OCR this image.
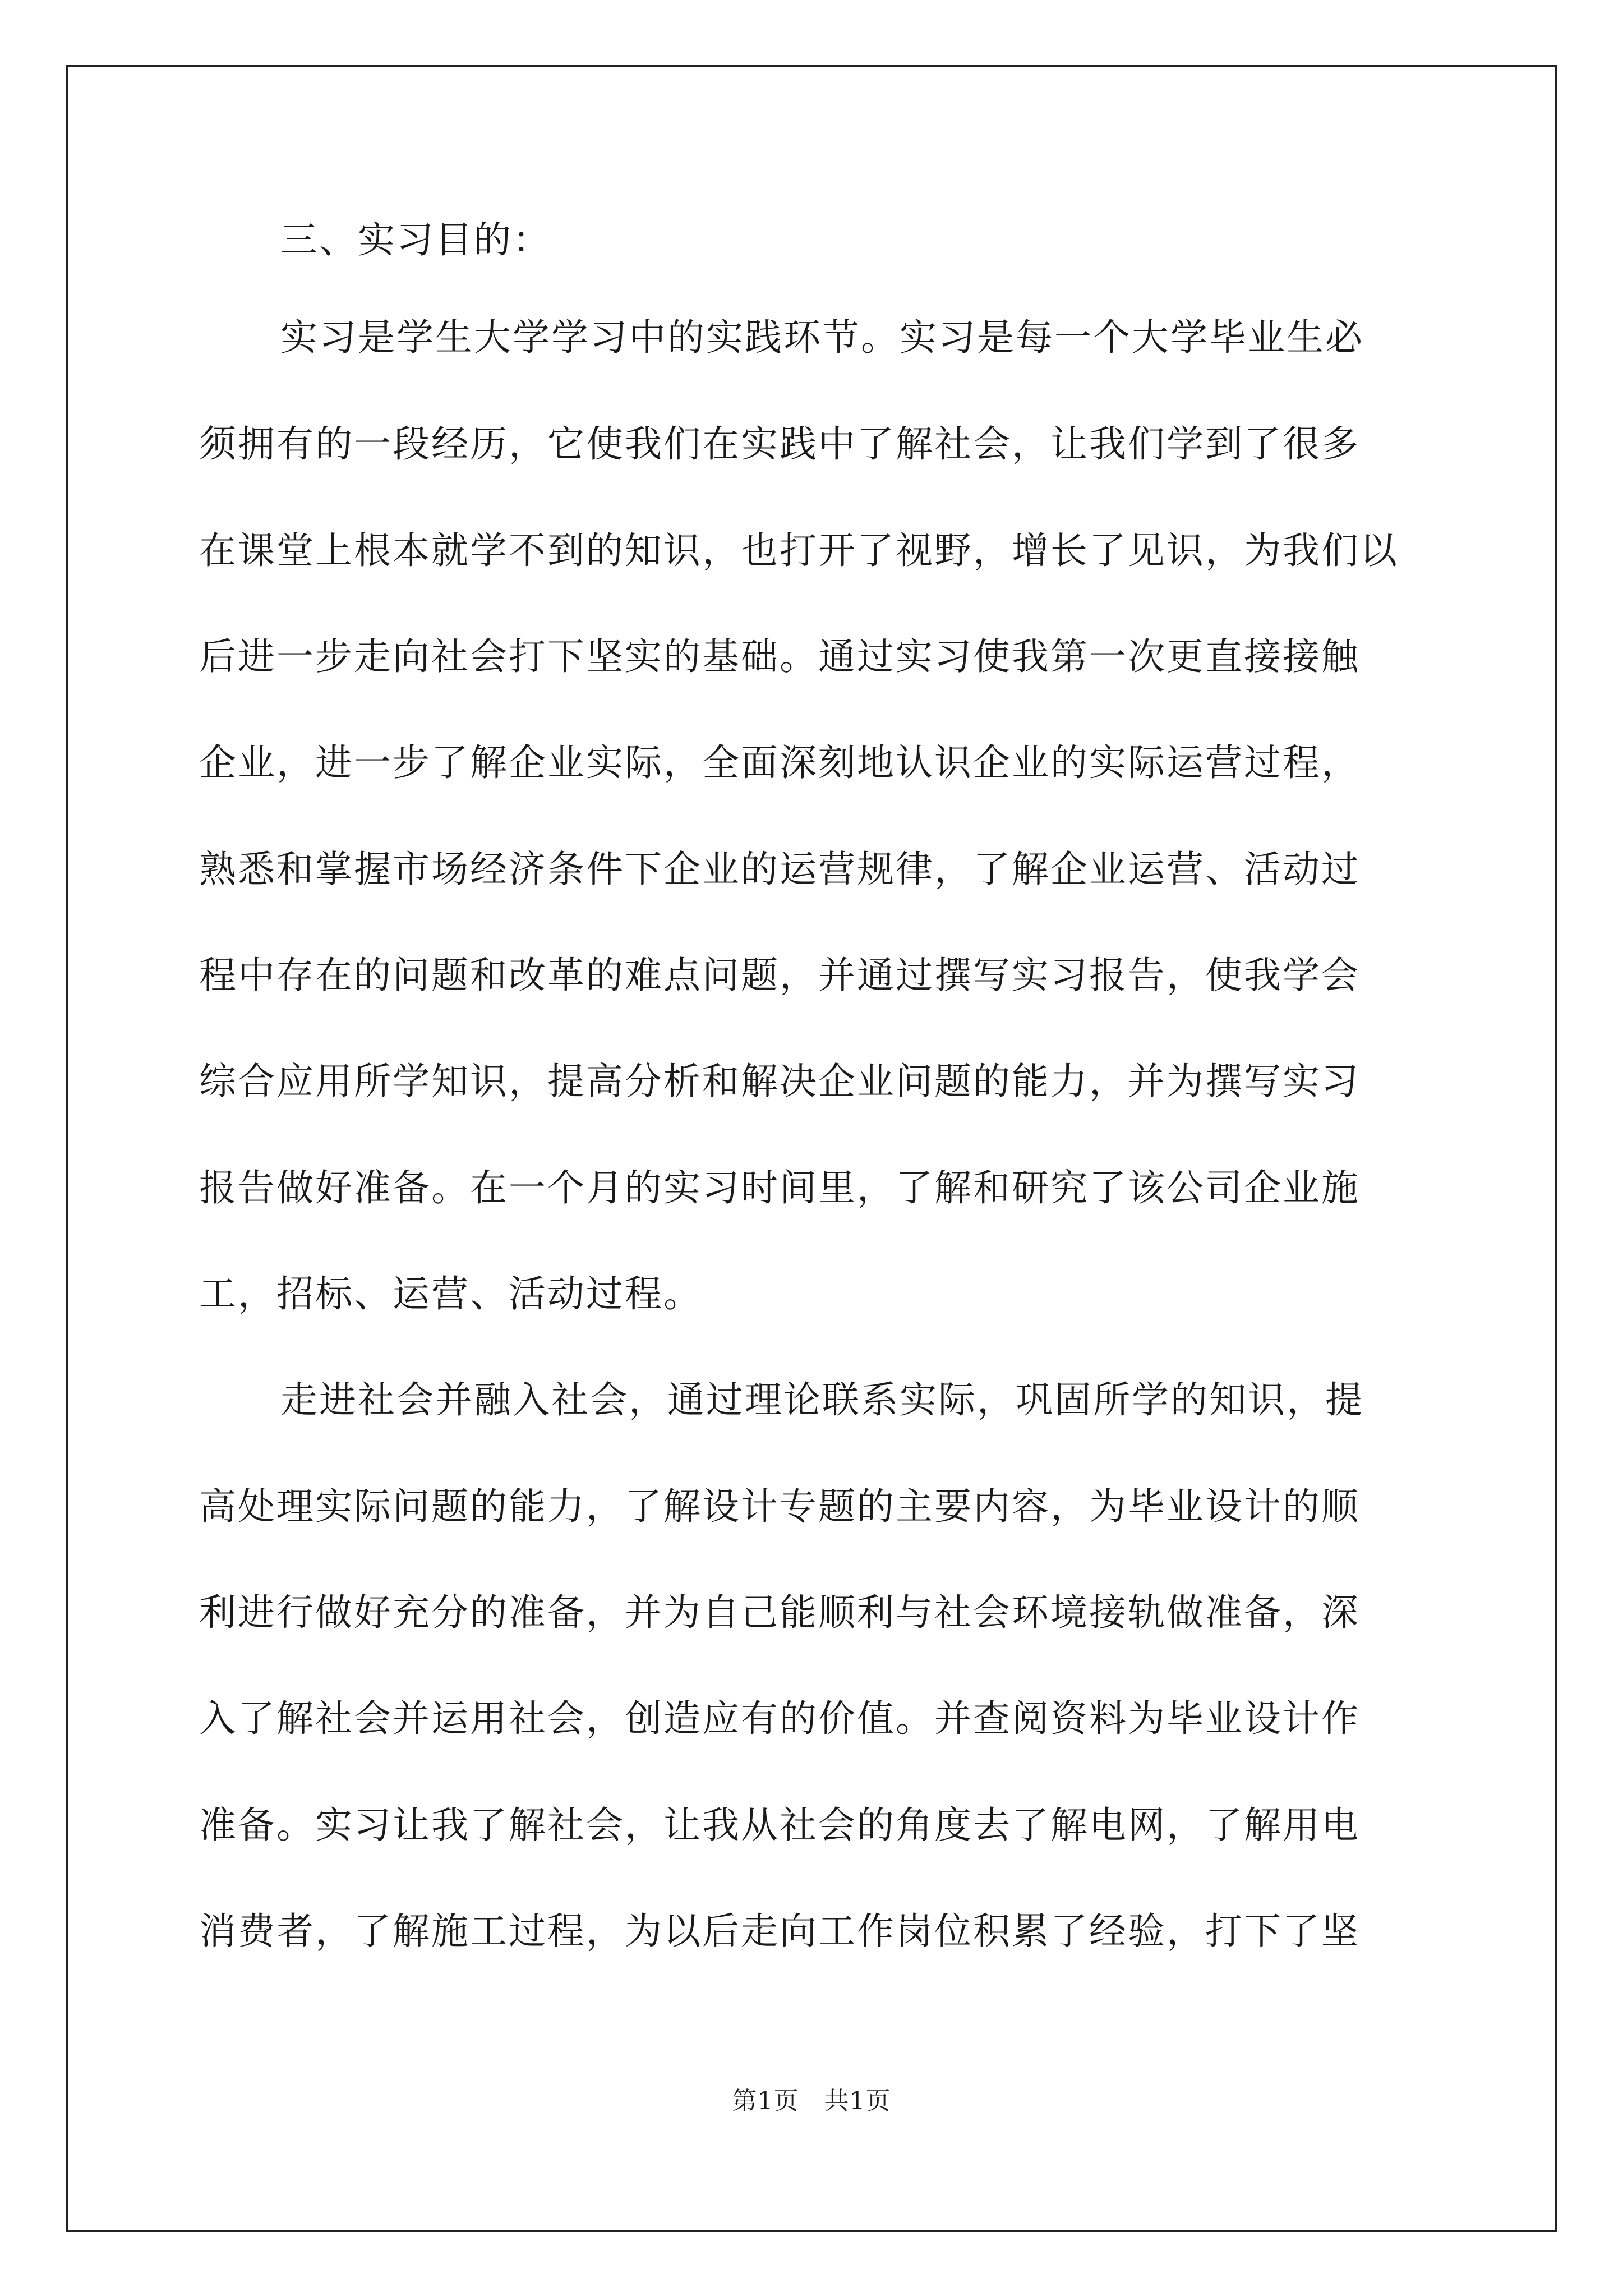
三、实习目的：

实习是学生大学学习中的实践环节。实习是每一个大学毕业生必

须拥有的一段经历，它使我们在实践中了解社会，让我们学到了很多

在课堂上根本就学不到的知识，也打开了视野，增长了见识，为我们以

后进一步走向社会打下坚实的基础。通过实习使我第一次更直接接触

企业，进一步了解企业实际，全面深刻地认识企业的实际运营过程，

熟悉和掌握市场经济条件下企业的运营规律，了解企业运营、活动过

程中存在的问题和改革的难点问题，并通过撰写实习报告，使我学会

综合应用所学知识，提高分析和解决企业问题的能力，并为撰写实习

报告做好准备。在一个月的实习时间里，了解和研究了该公司企业施

工，招标、运营、活动过程。

走进社会并融入社会，通过理论联系实际，巩固所学的知识，提

高处理实际问题的能力，了解设计专题的主要内容，为毕业设计的顺

利进行做好充分的准备，并为自己能顺利与社会环境接轨做准备，深

入了解社会并运用社会，创造应有的价值。并查阅资料为毕业设计作

准备。实习让我了解社会，让我从社会的角度去了解电网，了解用电

消费者，了解施工过程，为以后走向工作岗位积累了经验，打下了坚

第1页　共1页
